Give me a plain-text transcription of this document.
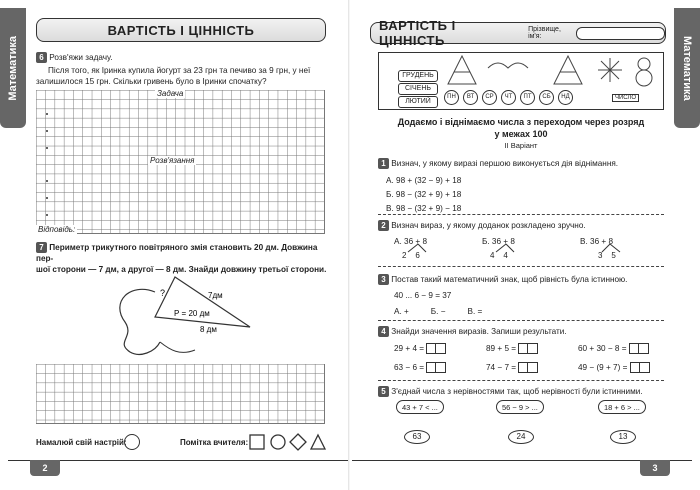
Математика
ВАРТІСТЬ І ЦІННІСТЬ
6 Розв'яжи задачу.
Після того, як Іринка купила йогурт за 23 грн та печиво за 9 грн, у неї
залишилося 15 грн. Скільки гривень було в Іринки спочатку?
Задача
Розв'язання
Відповідь:
7 Периметр трикутного повітряного змія становить 20 дм. Довжина пер-
шої сторони — 7 дм, а другої — 8 дм. Знайди довжину третьої сторони.
7дм
8 дм
?
Р = 20 дм
Намалюй свій настрій:	Помітка вчителя:
2
Математика
ВАРТІСТЬ І ЦІННІСТЬ
Прізвище, ім'я:
ГРУДЕНЬ
СІЧЕНЬ
ЛЮТИЙ
ПН ВТ СР ЧТ ПТ СБ НД	ЧИСЛО
Додаємо і віднімаємо числа з переходом через розряд
у межах 100
ІІ Варіант
1 Визнач, у якому виразі першою виконується дія віднімання.
А. 98 + (32 − 9) + 18
Б. 98 − (32 + 9) + 18
В. 98 − (32 + 9) − 18
2 Визнач вираз, у якому доданок розкладено зручно.
А. 36 + 8
2 6
Б. 36 + 8
4 4
В. 36 + 8
3 5
3 Постав такий математичний знак, щоб рівність була істинною.
40 ... 6 − 9 = 37
А. +	Б. −	В. =
4 Знайди значення виразів. Запиши результати.
29 + 4 =	89 + 5 =	60 + 30 − 8 =
63 − 6 =	74 − 7 =	49 − (9 + 7) =
5 З'єднай числа з нерівностями так, щоб нерівності були істинними.
43 + 7 < ...	56 − 9 > ...	18 + 6 > ...
63	24	13
3
